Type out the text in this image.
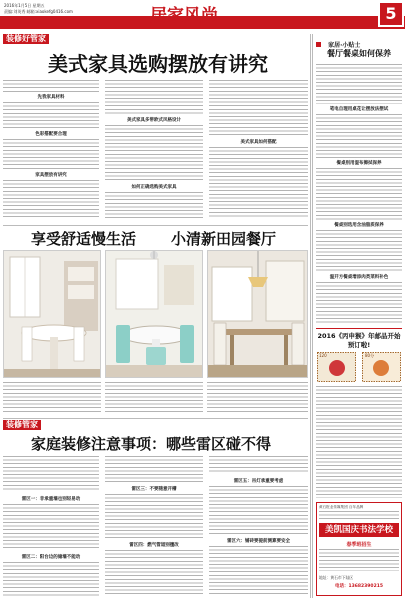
2016年1月5日 星期五
责编:刘英秀 邮箱:xiaokefg0416.com	居家风尚	5
装修好管家
美式家具选购摆放有讲究
先我家具材料
色彩搭配要合理
家具摆放有讲究
美式家具多带欧式风格设计
如何正确选购美式家具
美式家具如何搭配
享受舒适慢生活 小清新田园餐厅
装修管家
家庭装修注意事项：哪些雷区碰不得
雷区一：非承重墙也别轻易动
雷区二：阳台边的储墙不能动
雷区三：不要随意开槽
雷区四：燃气管道别擅改
雷区五：吊灯承重要考虑
雷区六：铺砖要提前测算要安全
家居·小贴士
餐厅餐桌如何保养
笔电自理用桌花让摆放法摆试
餐桌别用湿布擦拭保养
餐桌别选用含油脂质保养
温开方餐桌增添肉类菜料补色
2016《丙申猴》年邮品开始预订啦!
120	80分
黄石报业传媒集团 百年品牌
美凯国庆书法学校
春季班招生
地址：黄石市下陆区
电话：13682390215
